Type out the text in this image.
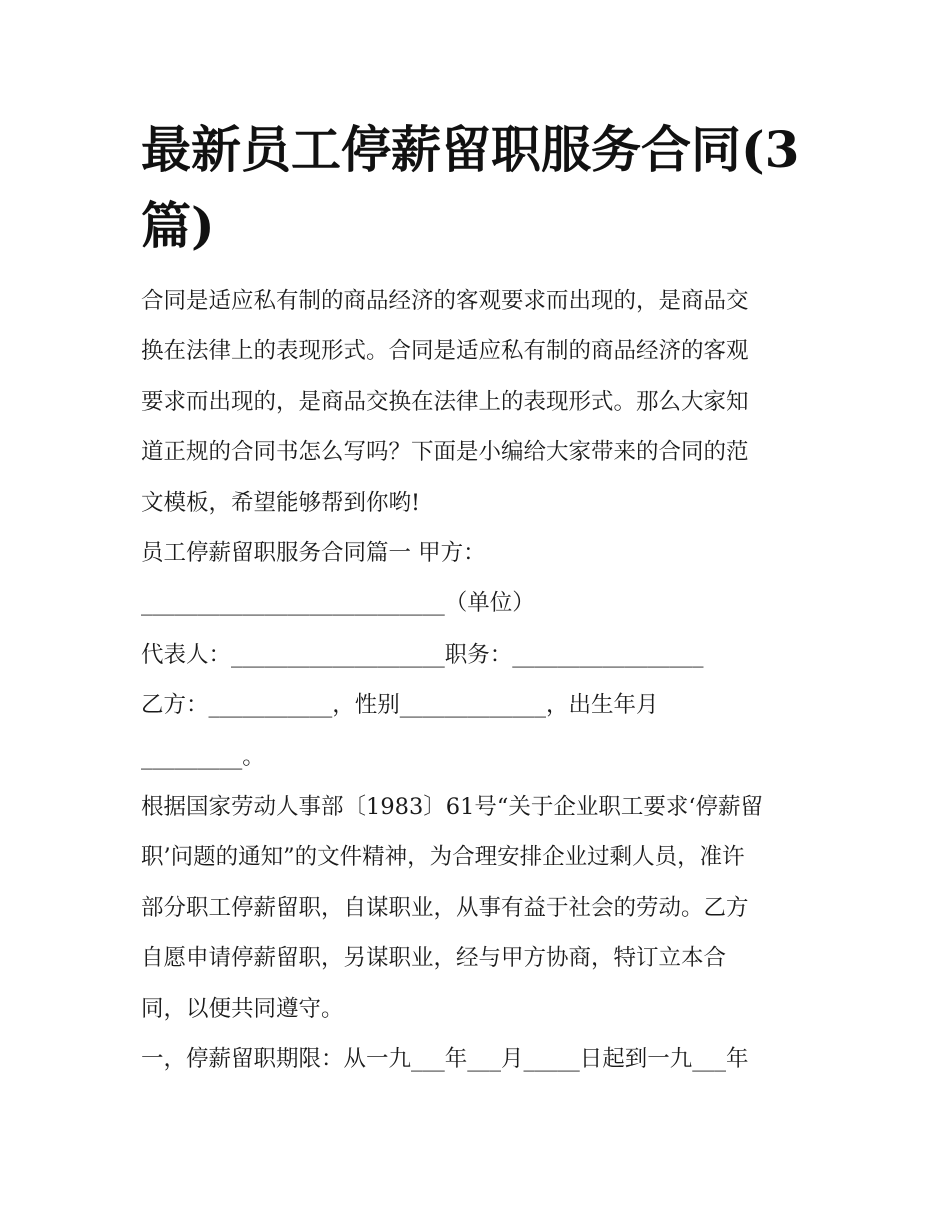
最新员工停薪留职服务合同(3篇)
合同是适应私有制的商品经济的客观要求而出现的，是商品交
换在法律上的表现形式。合同是适应私有制的商品经济的客观
要求而出现的，是商品交换在法律上的表现形式。那么大家知
道正规的合同书怎么写吗？下面是小编给大家带来的合同的范
文模板，希望能够帮到你哟!

员工停薪留职服务合同篇一 甲方：

___________________________（单位）

代表人：___________________职务：_________________

乙方：___________，性别_____________，出生年月

_________。

根据国家劳动人事部〔1983〕61号“关于企业职工要求‘停薪留
职’问题的通知”的文件精神，为合理安排企业过剩人员，准许
部分职工停薪留职，自谋职业，从事有益于社会的劳动。乙方
自愿申请停薪留职，另谋职业，经与甲方协商，特订立本合
同，以便共同遵守。

一，停薪留职期限：从一九___年___月_____日起到一九___年
